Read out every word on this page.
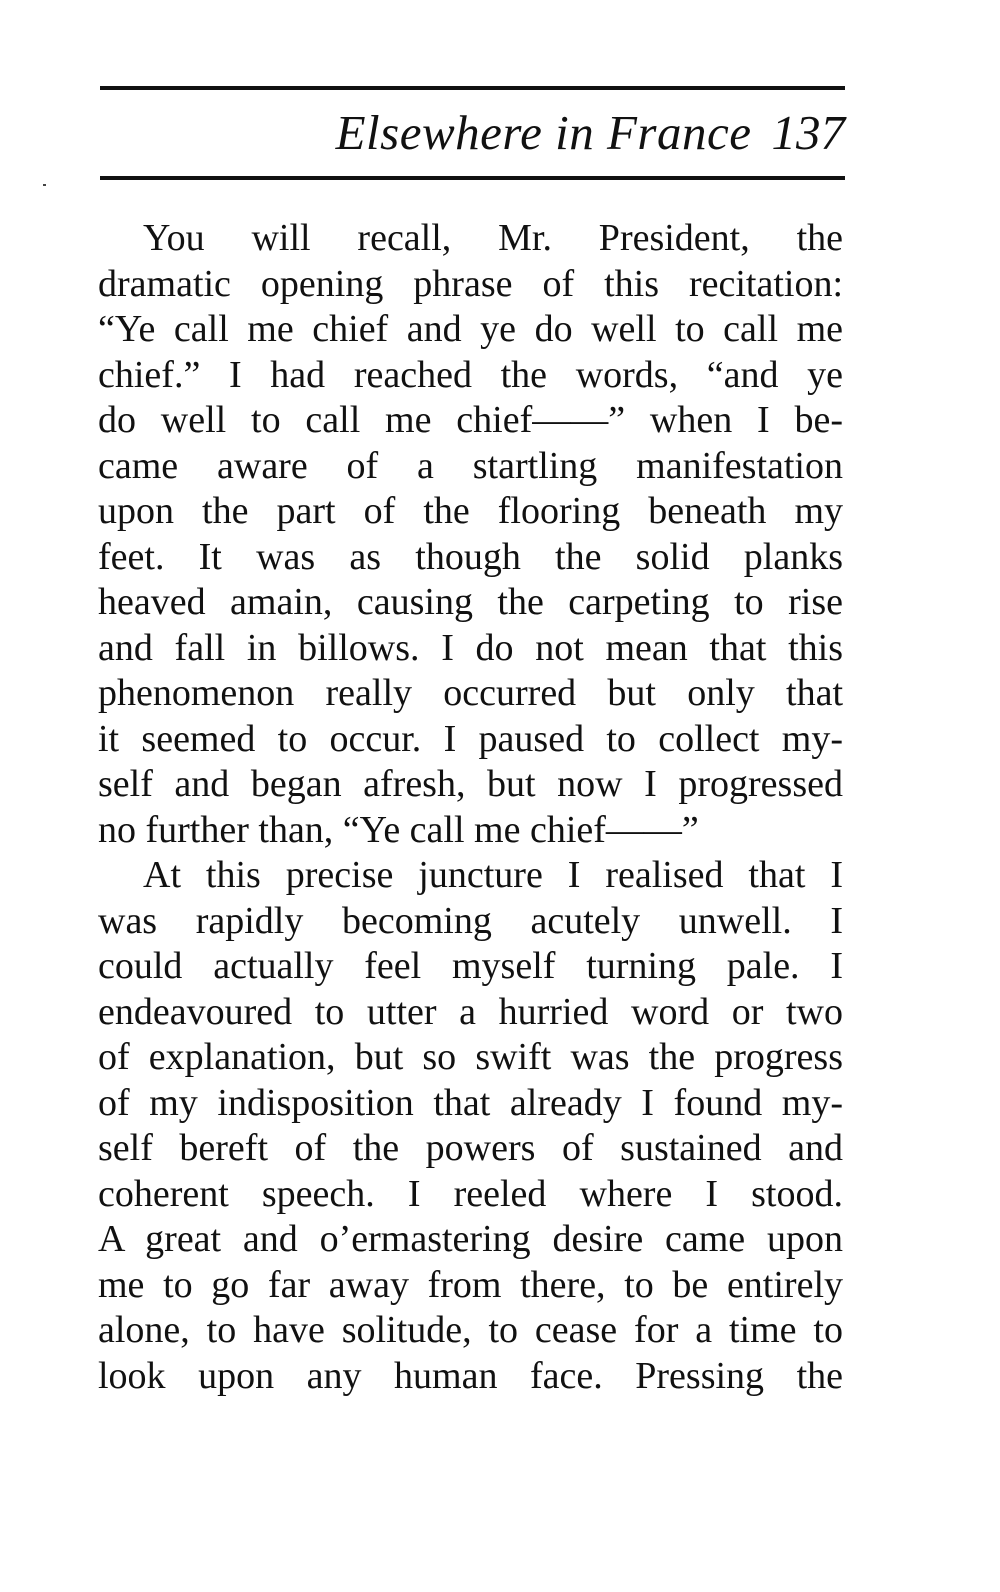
Elsewhere in France 137
You will recall, Mr. President, the
dramatic opening phrase of this recitation:
“Ye call me chief and ye do well to call me
chief.” I had reached the words, “and ye
do well to call me chief——” when I be-
came aware of a startling manifestation
upon the part of the flooring beneath my
feet. It was as though the solid planks
heaved amain, causing the carpeting to rise
and fall in billows. I do not mean that this
phenomenon really occurred but only that
it seemed to occur. I paused to collect my-
self and began afresh, but now I progressed
no further than, “Ye call me chief——”
At this precise juncture I realised that I
was rapidly becoming acutely unwell. I
could actually feel myself turning pale. I
endeavoured to utter a hurried word or two
of explanation, but so swift was the progress
of my indisposition that already I found my-
self bereft of the powers of sustained and
coherent speech. I reeled where I stood.
A great and o’ermastering desire came upon
me to go far away from there, to be entirely
alone, to have solitude, to cease for a time to
look upon any human face. Pressing the
